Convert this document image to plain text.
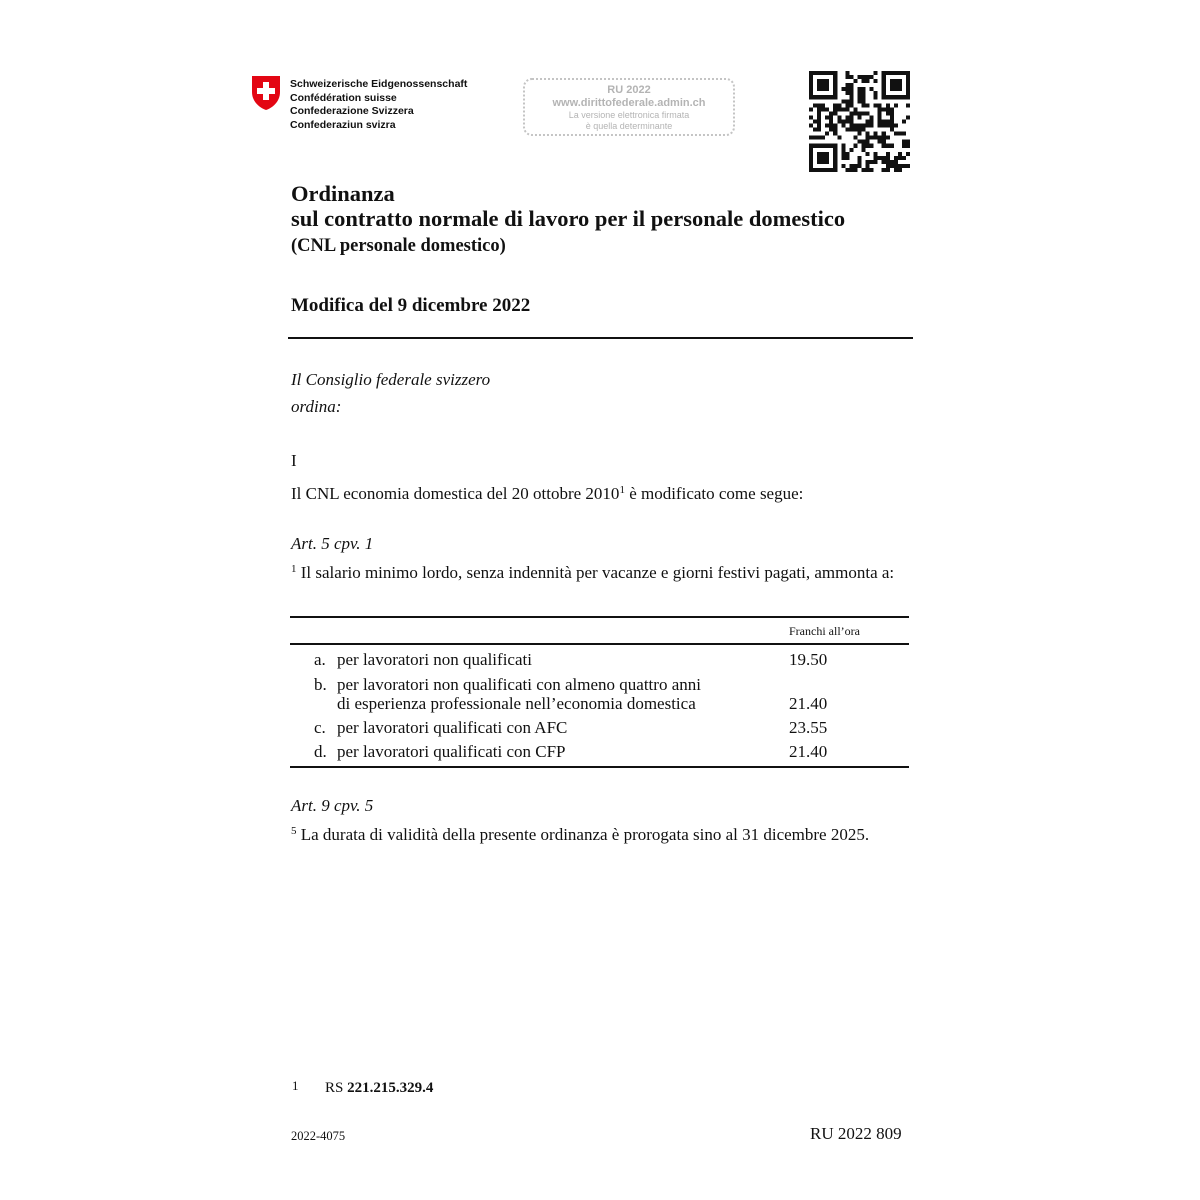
Schweizerische Eidgenossenschaft
Confédération suisse
Confederazione Svizzera
Confederaziun svizra
RU 2022
www.dirittofederale.admin.ch
La versione elettronica firmata
è quella determinante
Ordinanza
sul contratto normale di lavoro per il personale domestico
(CNL personale domestico)
Modifica del 9 dicembre 2022
Il Consiglio federale svizzero
ordina:
I
Il CNL economia domestica del 20 ottobre 2010$^1$ è modificato come segue:
Art. 5 cpv. 1
$^1$ Il salario minimo lordo, senza indennità per vacanze e giorni festivi pagati, ammonta a:
Franchi all’ora
a. per lavoratori non qualificati	19.50
b. per lavoratori non qualificati con almeno quattro anni
di esperienza professionale nell’economia domestica	21.40
c. per lavoratori qualificati con AFC	23.55
d. per lavoratori qualificati con CFP	21.40
Art. 9 cpv. 5
$^5$ La durata di validità della presente ordinanza è prorogata sino al 31 dicembre 2025.
1 RS 221.215.329.4
2022-4075	RU 2022 809
